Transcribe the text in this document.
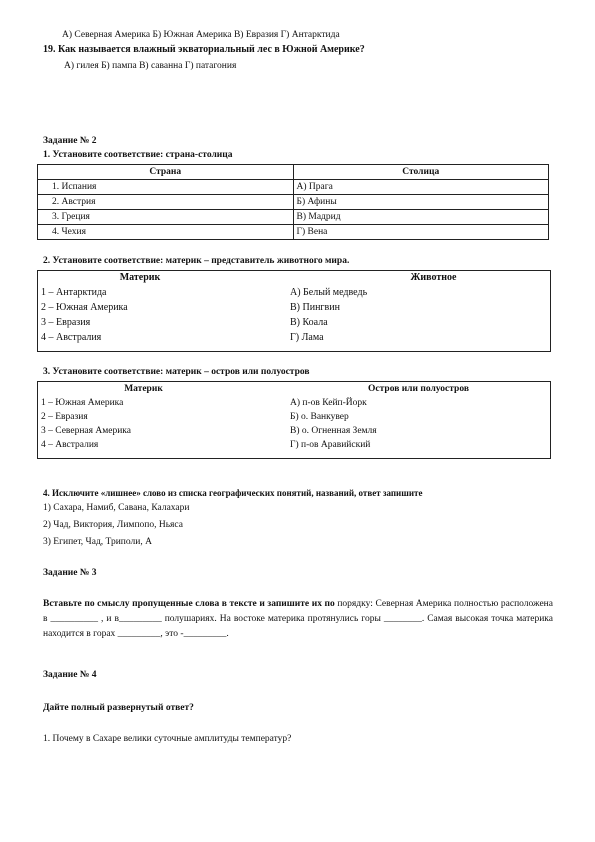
А) Северная Америка Б) Южная Америка В) Евразия Г) Антарктида
19. Как называется влажный экваториальный лес в Южной Америке?
А) гилея Б) пампа В) саванна Г) патагония
Задание № 2
1. Установите соответствие: страна-столица
Страна	Столица
1. Испания	А) Прага
2. Австрия	Б) Афины
3. Греция	В) Мадрид
4. Чехия	Г) Вена
2. Установите соответствие: материк – представитель животного мира.
Материк	Животное
1 – Антарктида	А) Белый медведь
2 – Южная Америка	В) Пингвин
3 – Евразия	В) Коала
4 – Австралия	Г) Лама
3. Установите соответствие: материк – остров или полуостров
Материк	Остров или полуостров
1 – Южная Америка	А) п-ов Кейп-Йорк
2 – Евразия	Б) о. Ванкувер
3 – Северная Америка	В) о. Огненная Земля
4 – Австралия	Г) п-ов Аравийский
4. Исключите «лишнее» слово из списка географических понятий, названий, ответ запишите
1) Сахара, Намиб, Савана, Калахари
2) Чад, Виктория, Лимпопо, Ньяса
3) Египет, Чад, Триполи, А
Задание № 3
Вставьте по смыслу пропущенные слова в тексте и запишите их по порядку: Северная Америка полностью расположена в __________ , и в_________ полушариях. На востоке материка протянулись горы ________. Самая высокая точка материка находится в горах _________, это -_________.
Задание № 4
Дайте полный развернутый ответ?
1. Почему в Сахаре велики суточные амплитуды температур?
